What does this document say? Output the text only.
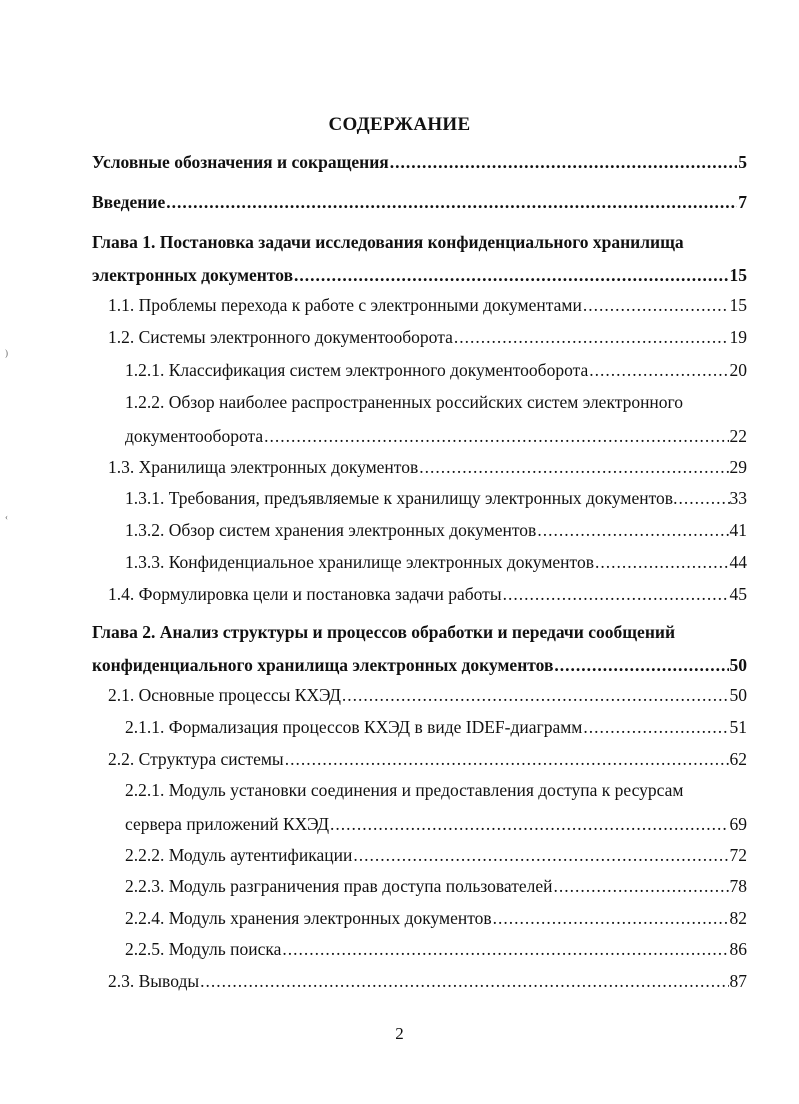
СОДЕРЖАНИЕ
Условные обозначения и сокращения .....	5
Введение .....	7
Глава 1. Постановка задачи исследования конфиденциального хранилища
электронных документов .....	15
1.1. Проблемы перехода к работе с электронными документами .....	15
1.2. Системы электронного документооборота .....	19
1.2.1. Классификация систем электронного документооборота .....	20
1.2.2. Обзор наиболее распространенных российских систем электронного
документооборота .....	22
1.3. Хранилища электронных документов .....	29
1.3.1. Требования, предъявляемые к хранилищу электронных документов .....	33
1.3.2. Обзор систем хранения электронных документов .....	41
1.3.3. Конфиденциальное хранилище электронных документов .....	44
1.4. Формулировка цели и постановка задачи работы .....	45
Глава 2. Анализ структуры и процессов обработки и передачи сообщений
конфиденциального хранилища электронных документов .....	50
2.1. Основные процессы КХЭД .....	50
2.1.1. Формализация процессов КХЭД в виде IDEF-диаграмм .....	51
2.2. Структура системы .....	62
2.2.1. Модуль установки соединения и предоставления доступа к ресурсам
сервера приложений КХЭД .....	69
2.2.2. Модуль аутентификации .....	72
2.2.3. Модуль разграничения прав доступа пользователей .....	78
2.2.4. Модуль хранения электронных документов .....	82
2.2.5. Модуль поиска .....	86
2.3. Выводы .....	87
)
‹
2
